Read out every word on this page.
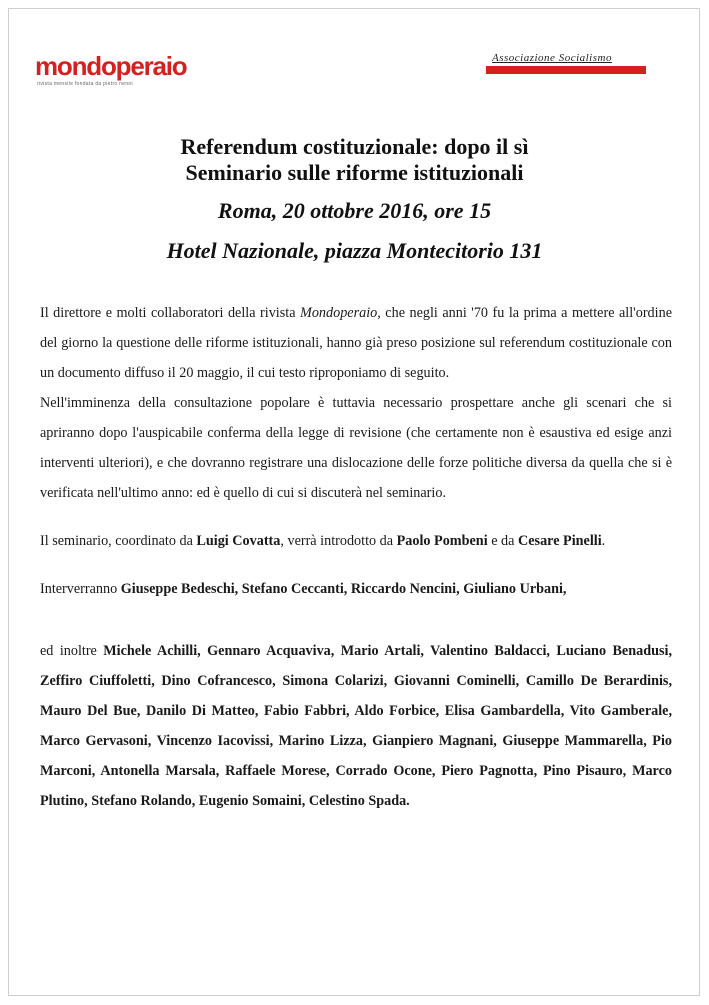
mondoperaio
rivista mensile fondata da pietro nenni
Associazione Socialismo

Referendum costituzionale: dopo il sì

Seminario sulle riforme istituzionali

Roma, 20 ottobre 2016, ore 15

Hotel Nazionale, piazza Montecitorio 131

Il direttore e molti collaboratori della rivista Mondoperaio, che negli anni '70 fu la prima a mettere all'ordine del giorno la questione delle riforme istituzionali, hanno già preso posizione sul referendum costituzionale con un documento diffuso il 20 maggio, il cui testo riproponiamo di seguito.

Nell'imminenza della consultazione popolare è tuttavia necessario prospettare anche gli scenari che si apriranno dopo l'auspicabile conferma della legge di revisione (che certamente non è esaustiva ed esige anzi interventi ulteriori), e che dovranno registrare una dislocazione delle forze politiche diversa da quella che si è verificata nell'ultimo anno: ed è quello di cui si discuterà nel seminario.

Il seminario, coordinato da Luigi Covatta, verrà introdotto da Paolo Pombeni e da Cesare Pinelli.

Interverranno Giuseppe Bedeschi, Stefano Ceccanti, Riccardo Nencini, Giuliano Urbani,

ed inoltre Michele Achilli, Gennaro Acquaviva, Mario Artali, Valentino Baldacci, Luciano Benadusi, Zeffiro Ciuffoletti, Dino Cofrancesco, Simona Colarizi, Giovanni Cominelli, Camillo De Berardinis, Mauro Del Bue, Danilo Di Matteo, Fabio Fabbri, Aldo Forbice, Elisa Gambardella, Vito Gamberale, Marco Gervasoni, Vincenzo Iacovissi, Marino Lizza, Gianpiero Magnani, Giuseppe Mammarella, Pio Marconi, Antonella Marsala, Raffaele Morese, Corrado Ocone, Piero Pagnotta, Pino Pisauro, Marco Plutino, Stefano Rolando, Eugenio Somaini, Celestino Spada.
